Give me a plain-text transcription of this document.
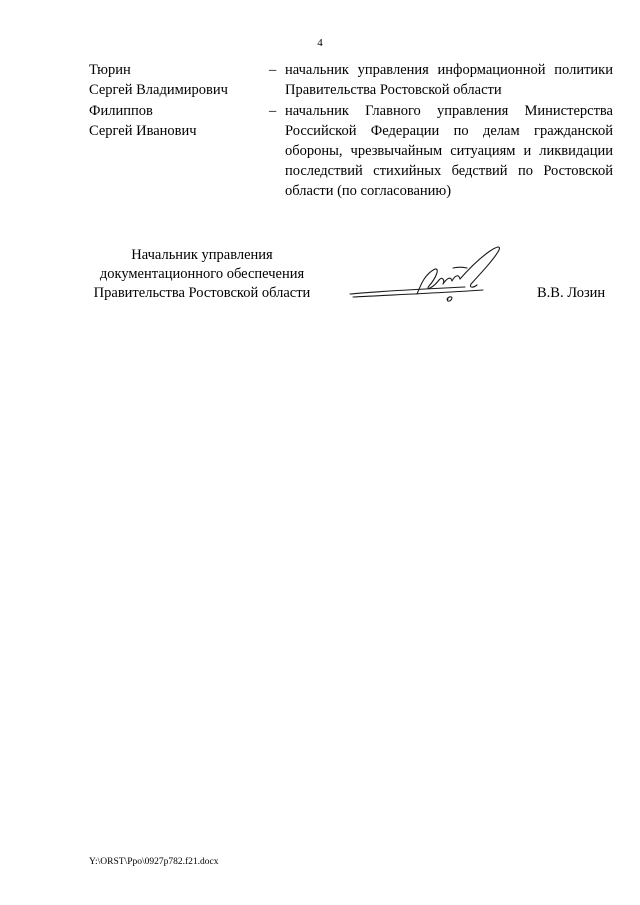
4
Тюрин
Сергей Владимирович
– начальник управления информационной политики Правительства Ростовской области
Филиппов
Сергей Иванович
– начальник Главного управления Министерства Российской Федерации по делам гражданской обороны, чрезвычайным ситуациям и ликвидации последствий стихийных бедствий по Ростовской области (по согласованию)
Начальник управления
документационного обеспечения
Правительства Ростовской области	В.В. Лозин
Y:\ORST\Ppo\0927p782.f21.docx
